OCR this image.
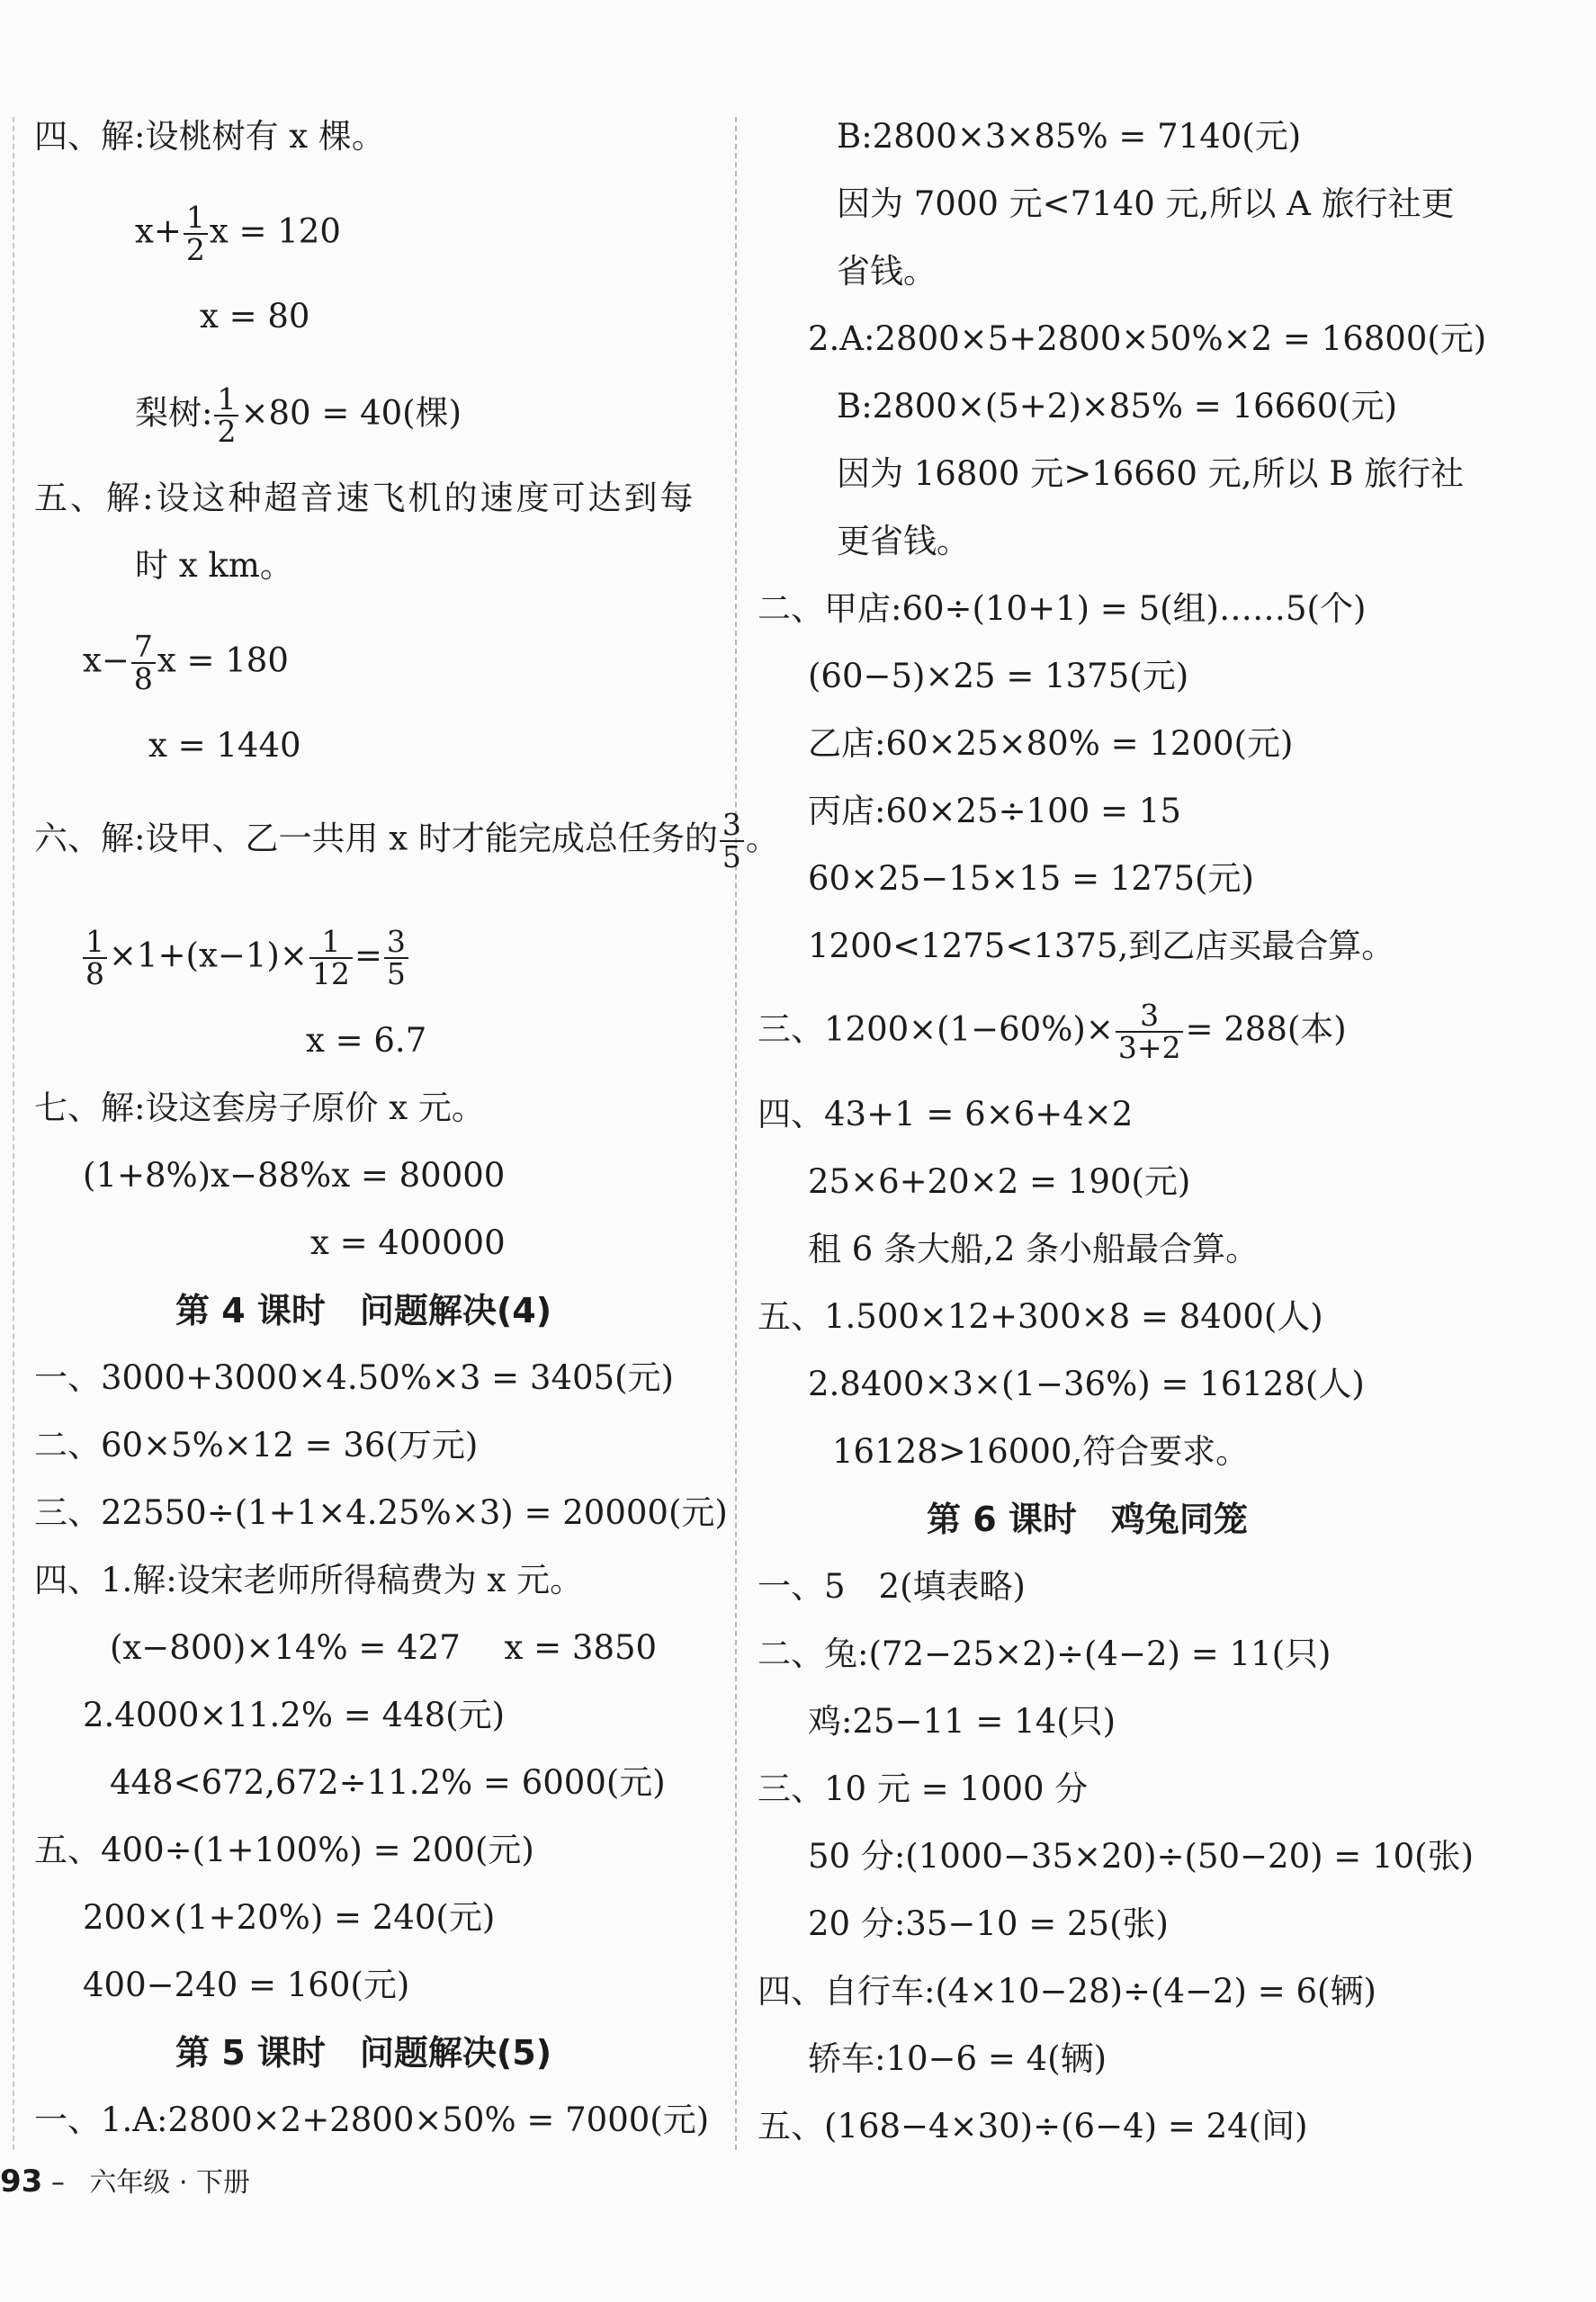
四、解:设桃树有 x 棵。
$x+ \frac{1}{2}$ x = 120
x = 80
梨树: $\frac{1}{2} \times 80 = 40$(棵)
五、解:设这种超音速飞机的速度可达到每
时 x km。
$x- \frac{7}{8}$ x = 180
x = 1440
六、解:设甲、乙一共用 x 时才能完成总任务的 $\frac{3}{5}$ 。
$\frac{1}{8} \times 1+(x-1)\times \frac{1}{12} = \frac{3}{5}$
x = 6.7
七、解:设这套房子原价 x 元。
(1+8%)x−88%x = 80000
x = 400000
第 4 课时　问题解决(4)
一、3000+3000×4.50%×3 = 3405(元)
二、60×5%×12 = 36(万元)
三、22550÷(1+1×4.25%×3) = 20000(元)
四、1.解:设宋老师所得稿费为 x 元。
(x−800)×14% = 427　 x = 3850
2.4000×11.2% = 448(元)
448<672,672÷11.2% = 6000(元)
五、400÷(1+100%) = 200(元)
200×(1+20%) = 240(元)
400−240 = 160(元)
第 5 课时　问题解决(5)
一、1.A:2800×2+2800×50% = 7000(元)
B:2800×3×85% = 7140(元)
因为 7000 元<7140 元,所以 A 旅行社更
省钱。
2.A:2800×5+2800×50%×2 = 16800(元)
B:2800×(5+2)×85% = 16660(元)
因为 16800 元>16660 元,所以 B 旅行社
更省钱。
二、甲店:60÷(10+1) = 5(组)……5(个)
(60−5)×25 = 1375(元)
乙店:60×25×80% = 1200(元)
丙店:60×25÷100 = 15
60×25−15×15 = 1275(元)
1200<1275<1375,到乙店买最合算。
三、$1200\times(1-60\%)\times \frac{3}{3+2} = 288$(本)
四、43+1 = 6×6+4×2
25×6+20×2 = 190(元)
租 6 条大船,2 条小船最合算。
五、1.500×12+300×8 = 8400(人)
2.8400×3×(1−36%) = 16128(人)
16128>16000,符合要求。
第 6 课时　鸡兔同笼
一、5　2(填表略)
二、兔:(72−25×2)÷(4−2) = 11(只)
鸡:25−11 = 14(只)
三、10 元 = 1000 分
50 分:(1000−35×20)÷(50−20) = 10(张)
20 分:35−10 = 25(张)
四、自行车:(4×10−28)÷(4−2) = 6(辆)
轿车:10−6 = 4(辆)
五、(168−4×30)÷(6−4) = 24(间)
93 – 六年级 · 下册
